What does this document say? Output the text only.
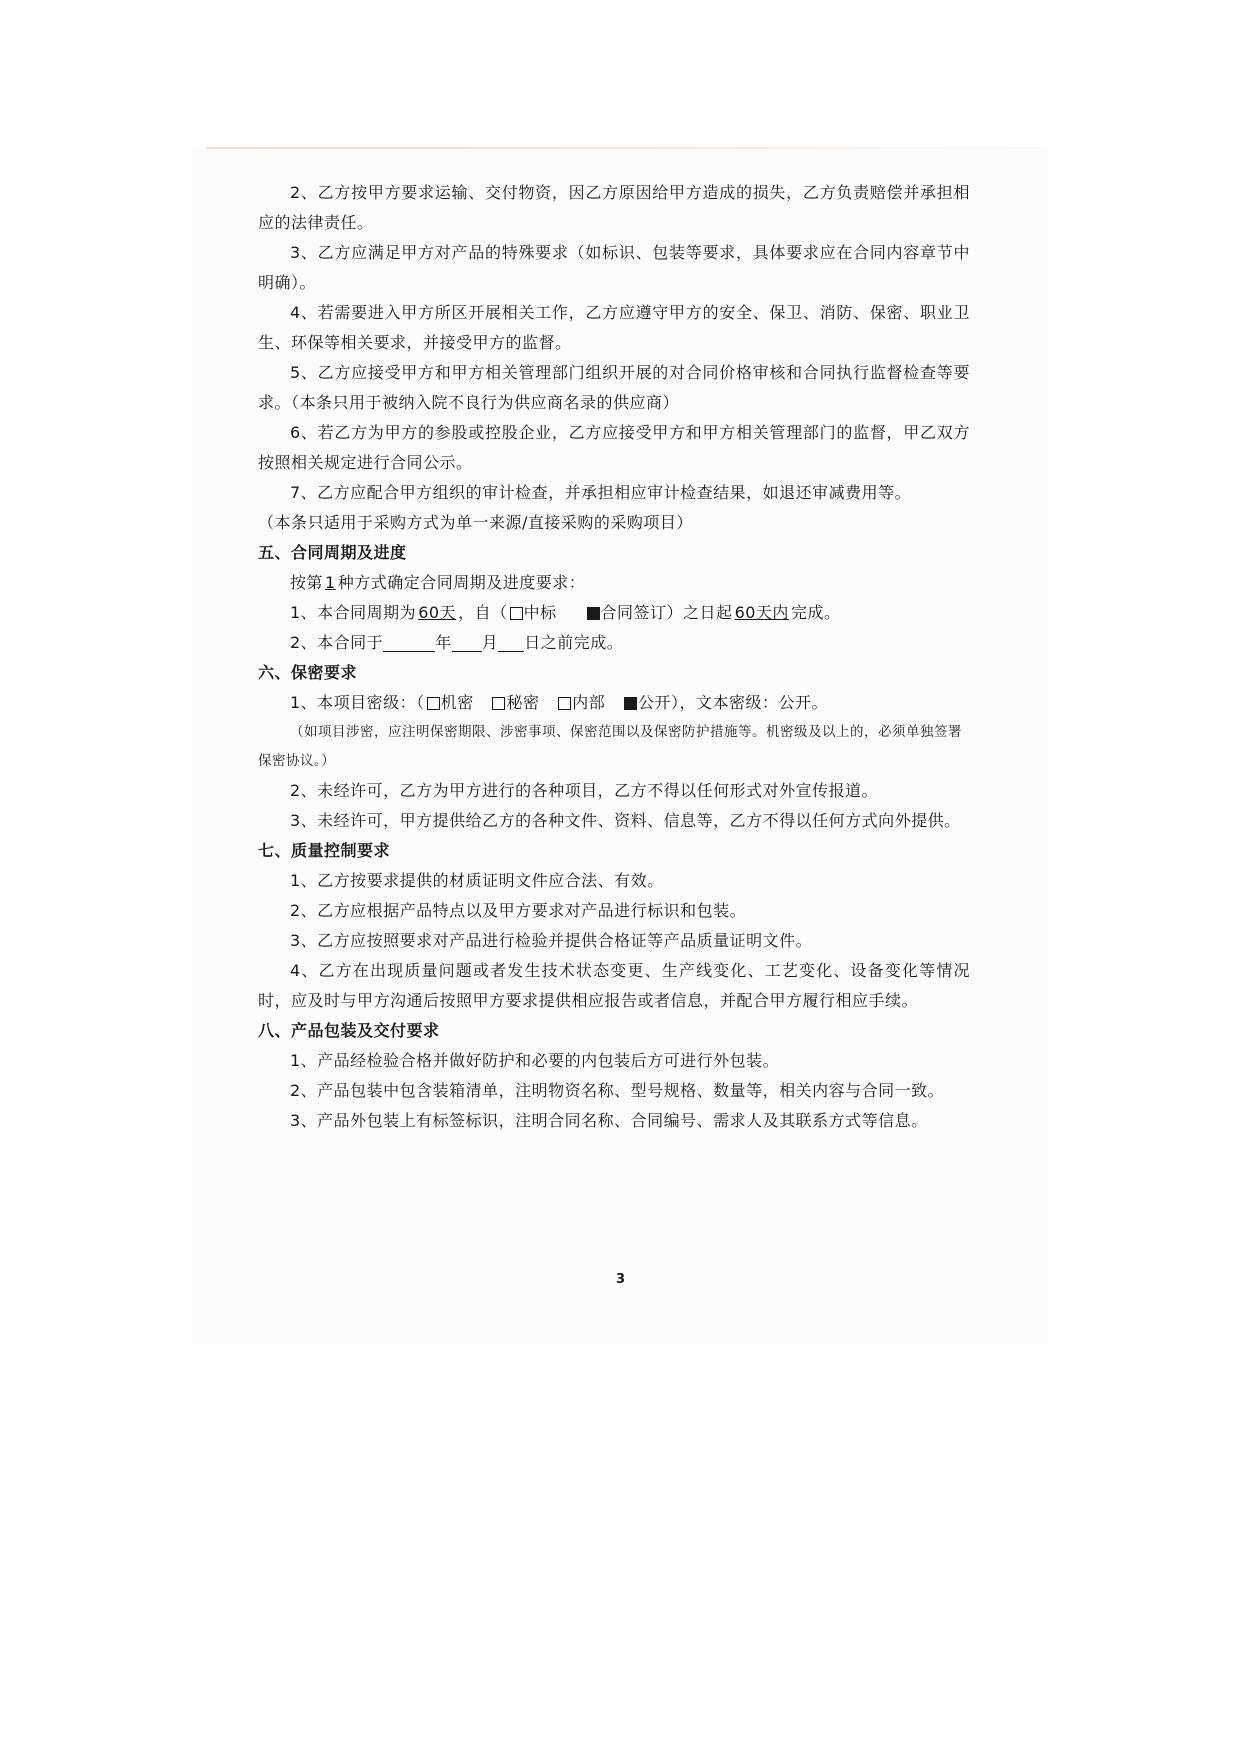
2、乙方按甲方要求运输、交付物资，因乙方原因给甲方造成的损失，乙方负责赔偿并承担相应的法律责任。

3、乙方应满足甲方对产品的特殊要求（如标识、包装等要求，具体要求应在合同内容章节中明确）。

4、若需要进入甲方所区开展相关工作，乙方应遵守甲方的安全、保卫、消防、保密、职业卫生、环保等相关要求，并接受甲方的监督。

5、乙方应接受甲方和甲方相关管理部门组织开展的对合同价格审核和合同执行监督检查等要求。（本条只用于被纳入院不良行为供应商名录的供应商）

6、若乙方为甲方的参股或控股企业，乙方应接受甲方和甲方相关管理部门的监督，甲乙双方按照相关规定进行合同公示。

7、乙方应配合甲方组织的审计检查，并承担相应审计检查结果，如退还审减费用等。

（本条只适用于采购方式为单一来源/直接采购的采购项目）

五、合同周期及进度

按第 1 种方式确定合同周期及进度要求：

1、本合同周期为 60天 ，自（ 中标	合同签订）之日起 60天内 完成。

2、本合同于	年 月 日之前完成。

六、保密要求

1、本项目密级：（ 机密 秘密 内部 公开），文本密级：公开。

（如项目涉密，应注明保密期限、涉密事项、保密范围以及保密防护措施等。机密级及以上的，必须单独签署保密协议。）

2、未经许可，乙方为甲方进行的各种项目，乙方不得以任何形式对外宣传报道。

3、未经许可，甲方提供给乙方的各种文件、资料、信息等，乙方不得以任何方式向外提供。

七、质量控制要求

1、乙方按要求提供的材质证明文件应合法、有效。

2、乙方应根据产品特点以及甲方要求对产品进行标识和包装。

3、乙方应按照要求对产品进行检验并提供合格证等产品质量证明文件。

4、乙方在出现质量问题或者发生技术状态变更、生产线变化、工艺变化、设备变化等情况时，应及时与甲方沟通后按照甲方要求提供相应报告或者信息，并配合甲方履行相应手续。

八、产品包装及交付要求

1、产品经检验合格并做好防护和必要的内包装后方可进行外包装。

2、产品包装中包含装箱清单，注明物资名称、型号规格、数量等，相关内容与合同一致。

3、产品外包装上有标签标识，注明合同名称、合同编号、需求人及其联系方式等信息。

3
